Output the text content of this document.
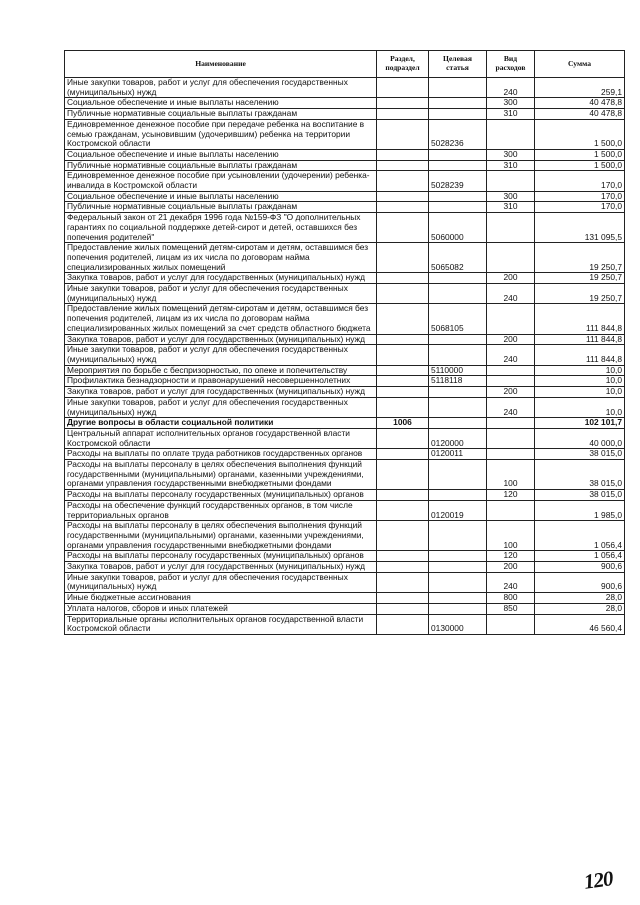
Наименование	Раздел, подраздел	Целевая статья	Вид расходов	Сумма
Иные закупки товаров, работ и услуг для обеспечения государственных (муниципальных) нужд			240	259,1
Социальное обеспечение и иные выплаты населению			300	40 478,8
Публичные нормативные социальные выплаты гражданам			310	40 478,8
Единовременное денежное пособие при передаче ребенка на воспитание в семью гражданам, усыновившим (удочерившим) ребенка на территории Костромской области		5028236		1 500,0
Социальное обеспечение и иные выплаты населению			300	1 500,0
Публичные нормативные социальные выплаты гражданам			310	1 500,0
Единовременное денежное пособие при усыновлении (удочерении) ребенка-инвалида в Костромской области		5028239		170,0
Социальное обеспечение и иные выплаты населению			300	170,0
Публичные нормативные социальные выплаты гражданам			310	170,0
Федеральный закон от 21 декабря 1996 года №159-ФЗ "О дополнительных гарантиях по социальной поддержке детей-сирот и детей, оставшихся без попечения родителей"		5060000		131 095,5
Предоставление жилых помещений детям-сиротам и детям, оставшимся без попечения родителей, лицам из их числа по договорам найма специализированных жилых помещений		5065082		19 250,7
Закупка товаров, работ и услуг для государственных (муниципальных) нужд			200	19 250,7
Иные закупки товаров, работ и услуг для обеспечения государственных (муниципальных) нужд			240	19 250,7
Предоставление жилых помещений детям-сиротам и детям, оставшимся без попечения родителей, лицам из их числа по договорам найма специализированных жилых помещений за счет средств областного бюджета		5068105		111 844,8
Закупка товаров, работ и услуг для государственных (муниципальных) нужд			200	111 844,8
Иные закупки товаров, работ и услуг для обеспечения государственных (муниципальных) нужд			240	111 844,8
Мероприятия по борьбе с беспризорностью, по опеке и попечительству		5110000		10,0
Профилактика безнадзорности и правонарушений несовершеннолетних		5118118		10,0
Закупка товаров, работ и услуг для государственных (муниципальных) нужд			200	10,0
Иные закупки товаров, работ и услуг для обеспечения государственных (муниципальных) нужд			240	10,0
Другие вопросы в области социальной политики	1006			102 101,7
Центральный аппарат исполнительных органов государственной власти Костромской области		0120000		40 000,0
Расходы на выплаты по оплате труда работников государственных органов		0120011		38 015,0
Расходы на выплаты персоналу в целях обеспечения выполнения функций государственными (муниципальными) органами, казенными учреждениями, органами управления государственными внебюджетными фондами			100	38 015,0
Расходы на выплаты персоналу государственных (муниципальных) органов			120	38 015,0
Расходы на обеспечение функций государственных органов, в том числе территориальных органов		0120019		1 985,0
Расходы на выплаты персоналу в целях обеспечения выполнения функций государственными (муниципальными) органами, казенными учреждениями, органами управления государственными внебюджетными фондами			100	1 056,4
Расходы на выплаты персоналу государственных (муниципальных) органов			120	1 056,4
Закупка товаров, работ и услуг для государственных (муниципальных) нужд			200	900,6
Иные закупки товаров, работ и услуг для обеспечения государственных (муниципальных) нужд			240	900,6
Иные бюджетные ассигнования			800	28,0
Уплата налогов, сборов и иных платежей			850	28,0
Территориальные органы исполнительных органов государственной власти Костромской области		0130000		46 560,4
120
